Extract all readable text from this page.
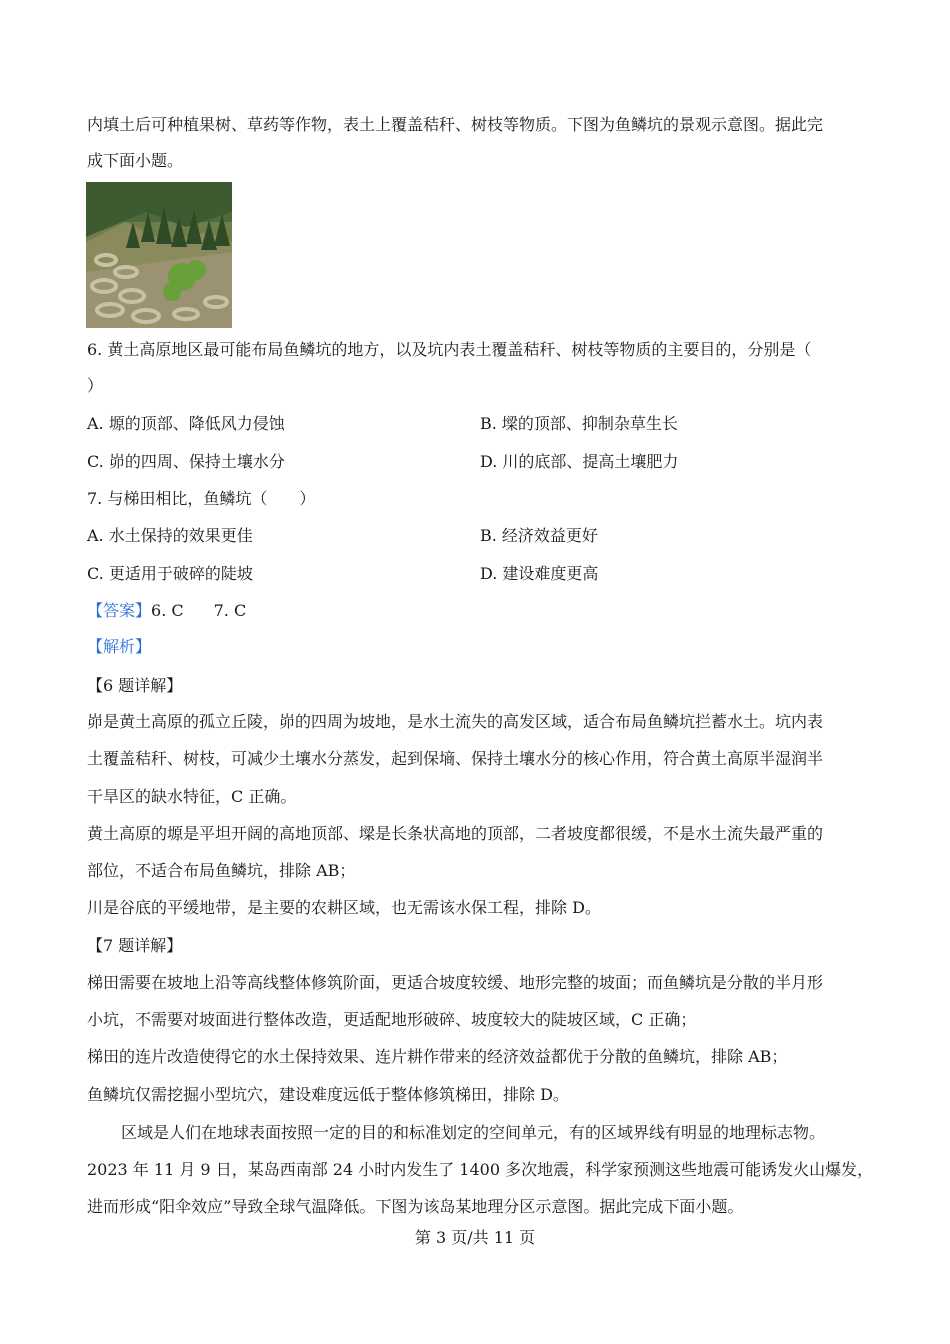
内填土后可种植果树、草药等作物，表土上覆盖秸秆、树枝等物质。下图为鱼鳞坑的景观示意图。据此完
成下面小题。
6. 黄土高原地区最可能布局鱼鳞坑的地方，以及坑内表土覆盖秸秆、树枝等物质的主要目的，分别是（
）
A. 塬的顶部、降低风力侵蚀	B. 墚的顶部、抑制杂草生长
C. 峁的四周、保持土壤水分	D. 川的底部、提高土壤肥力
7. 与梯田相比，鱼鳞坑（　　）
A. 水土保持的效果更佳	B. 经济效益更好
C. 更适用于破碎的陡坡	D. 建设难度更高
【答案】6. C 7. C
【解析】
【6 题详解】
峁是黄土高原的孤立丘陵，峁的四周为坡地，是水土流失的高发区域，适合布局鱼鳞坑拦蓄水土。坑内表
土覆盖秸秆、树枝，可减少土壤水分蒸发，起到保墒、保持土壤水分的核心作用，符合黄土高原半湿润半
干旱区的缺水特征，C 正确。
黄土高原的塬是平坦开阔的高地顶部、墚是长条状高地的顶部，二者坡度都很缓，不是水土流失最严重的
部位，不适合布局鱼鳞坑，排除 AB；
川是谷底的平缓地带，是主要的农耕区域，也无需该水保工程，排除 D。
【7 题详解】
梯田需要在坡地上沿等高线整体修筑阶面，更适合坡度较缓、地形完整的坡面；而鱼鳞坑是分散的半月形
小坑，不需要对坡面进行整体改造，更适配地形破碎、坡度较大的陡坡区域，C 正确；
梯田的连片改造使得它的水土保持效果、连片耕作带来的经济效益都优于分散的鱼鳞坑，排除 AB；
鱼鳞坑仅需挖掘小型坑穴，建设难度远低于整体修筑梯田，排除 D。
区域是人们在地球表面按照一定的目的和标准划定的空间单元，有的区域界线有明显的地理标志物。
2023 年 11 月 9 日，某岛西南部 24 小时内发生了 1400 多次地震，科学家预测这些地震可能诱发火山爆发，
进而形成“阳伞效应”导致全球气温降低。下图为该岛某地理分区示意图。据此完成下面小题。
第 3 页/共 11 页
